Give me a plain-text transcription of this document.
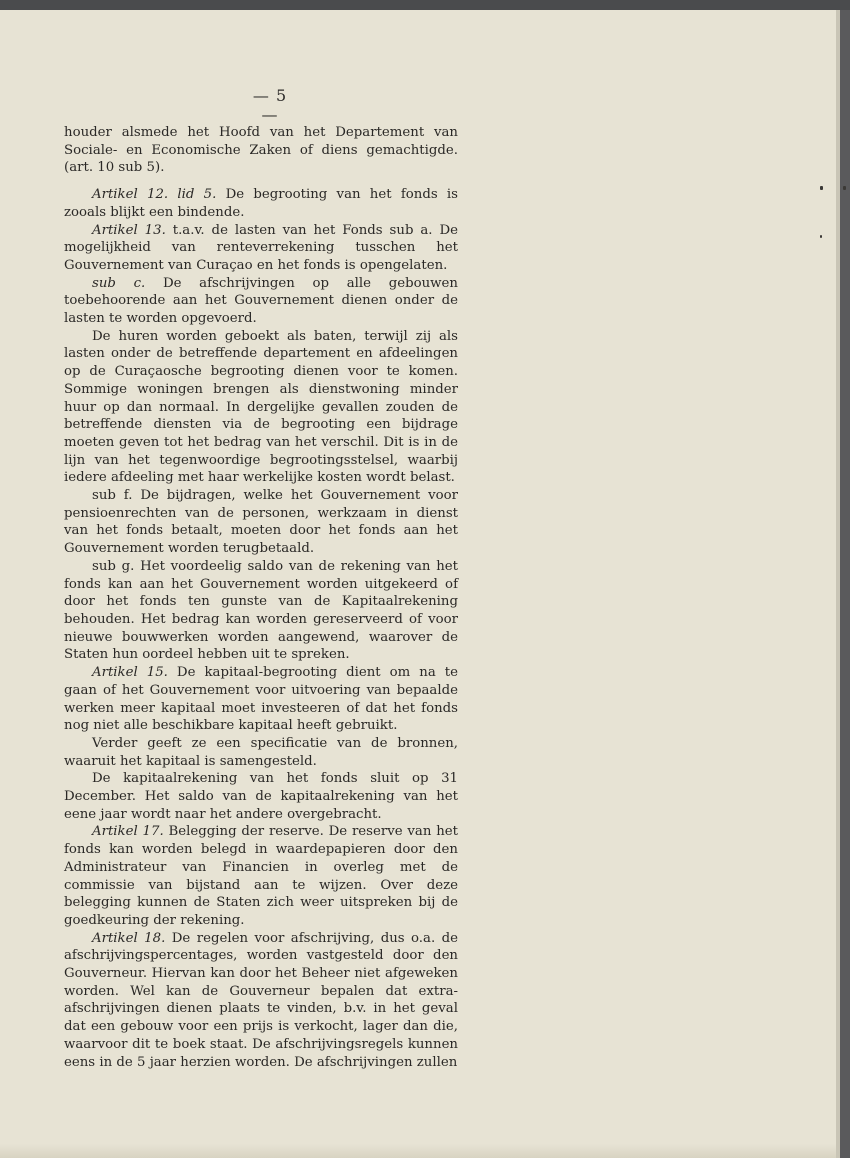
— 5 —

houder alsmede het Hoofd van het Departement van Sociale- en Economische Zaken of diens gemachtigde. (art. 10 sub 5).

Artikel 12. lid 5. De begrooting van het fonds is zooals blijkt een bindende.

Artikel 13. t.a.v. de lasten van het Fonds sub a. De mogelijkheid van renteverrekening tusschen het Gouvernement van Curaçao en het fonds is opengelaten.

sub c. De afschrijvingen op alle gebouwen toebehoorende aan het Gouvernement dienen onder de lasten te worden opgevoerd.

De huren worden geboekt als baten, terwijl zij als lasten onder de betreffende departement en afdeelingen op de Curaçaosche begrooting dienen voor te komen. Sommige woningen brengen als dienstwoning minder huur op dan normaal. In dergelijke gevallen zouden de betreffende diensten via de begrooting een bijdrage moeten geven tot het bedrag van het verschil. Dit is in de lijn van het tegenwoordige begrootingsstelsel, waarbij iedere afdeeling met haar werkelijke kosten wordt belast.

sub f. De bijdragen, welke het Gouvernement voor pensioenrechten van de personen, werkzaam in dienst van het fonds betaalt, moeten door het fonds aan het Gouvernement worden terugbetaald.

sub g. Het voordeelig saldo van de rekening van het fonds kan aan het Gouvernement worden uitgekeerd of door het fonds ten gunste van de Kapitaalrekening behouden. Het bedrag kan worden gereserveerd of voor nieuwe bouwwerken worden aangewend, waarover de Staten hun oordeel hebben uit te spreken.

Artikel 15. De kapitaal-begrooting dient om na te gaan of het Gouvernement voor uitvoering van bepaalde werken meer kapitaal moet investeeren of dat het fonds nog niet alle beschikbare kapitaal heeft gebruikt.

Verder geeft ze een specificatie van de bronnen, waaruit het kapitaal is samengesteld.

De kapitaalrekening van het fonds sluit op 31 December. Het saldo van de kapitaalrekening van het eene jaar wordt naar het andere overgebracht.

Artikel 17. Belegging der reserve. De reserve van het fonds kan worden belegd in waardepapieren door den Administrateur van Financien in overleg met de commissie van bijstand aan te wijzen. Over deze belegging kunnen de Staten zich weer uitspreken bij de goedkeuring der rekening.

Artikel 18. De regelen voor afschrijving, dus o.a. de afschrijvingspercentages, worden vastgesteld door den Gouverneur. Hiervan kan door het Beheer niet afgeweken worden. Wel kan de Gouverneur bepalen dat extra-afschrijvingen dienen plaats te vinden, b.v. in het geval dat een gebouw voor een prijs is verkocht, lager dan die, waarvoor dit te boek staat. De afschrijvingsregels kunnen eens in de 5 jaar herzien worden. De afschrijvingen zullen
